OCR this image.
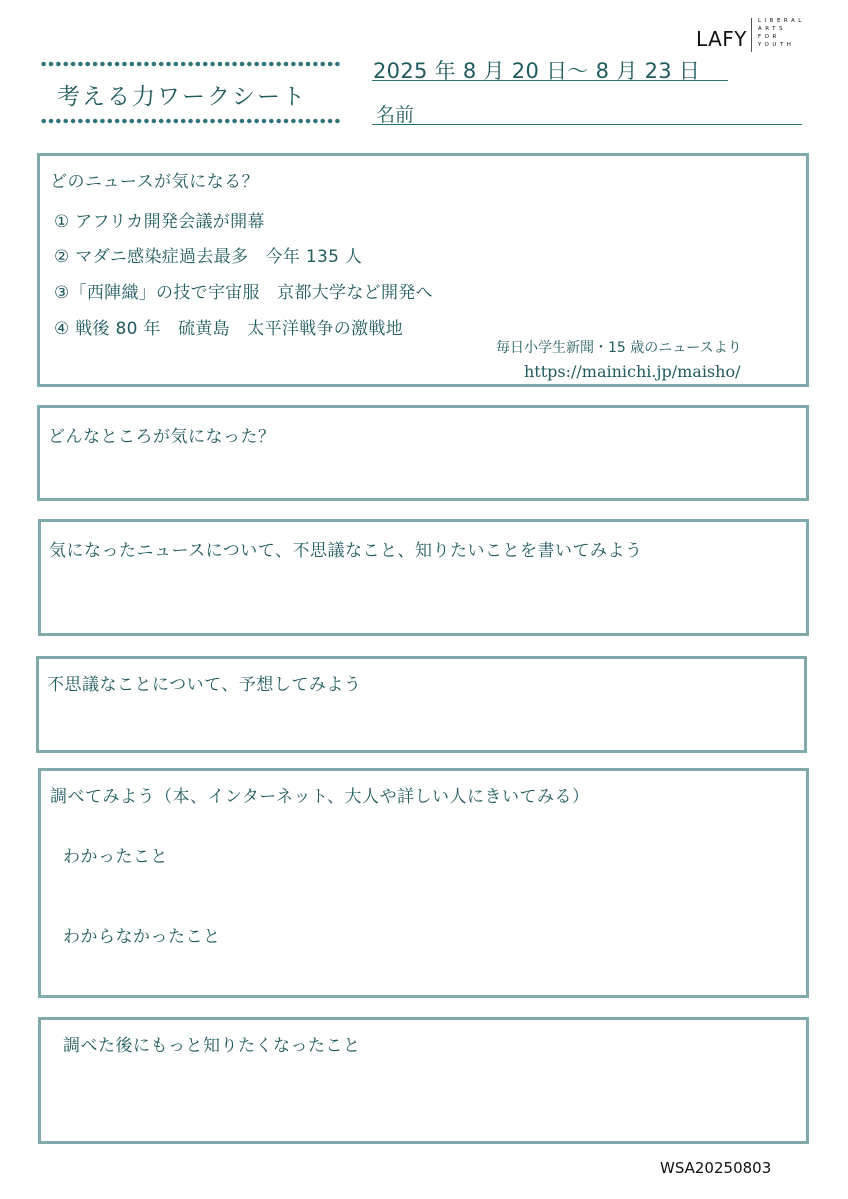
考える力ワークシート
2025 年 8 月 20 日～ 8 月 23 日
名前
LAFY
LIBERAL
ARTS
FOR
YOUTH
どのニュースが気になる？
① アフリカ開発会議が開幕
② マダニ感染症過去最多　今年 135 人
③「西陣織」の技で宇宙服　京都大学など開発へ
④ 戦後 80 年　硫黄島　太平洋戦争の激戦地
毎日小学生新聞・15 歳のニュースより
https://mainichi.jp/maisho/
どんなところが気になった？
気になったニュースについて、不思議なこと、知りたいことを書いてみよう
不思議なことについて、予想してみよう
調べてみよう（本、インターネット、大人や詳しい人にきいてみる）
わかったこと
わからなかったこと
調べた後にもっと知りたくなったこと
WSA20250803
